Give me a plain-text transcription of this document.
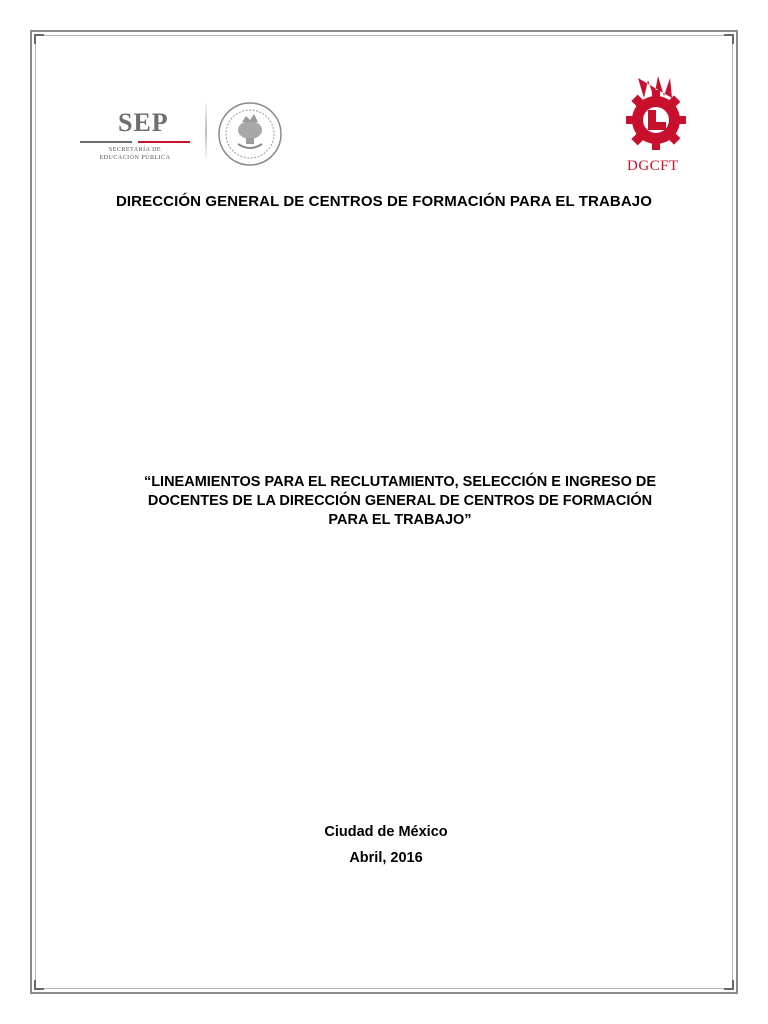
SEP
SECRETARÍA DE
EDUCACIÓN PÚBLICA	DGCFT
DIRECCIÓN GENERAL DE CENTROS DE FORMACIÓN PARA EL TRABAJO
“LINEAMIENTOS PARA EL RECLUTAMIENTO, SELECCIÓN E INGRESO DE
DOCENTES DE LA DIRECCIÓN GENERAL DE CENTROS DE FORMACIÓN
PARA EL TRABAJO”
Ciudad de México
Abril, 2016
